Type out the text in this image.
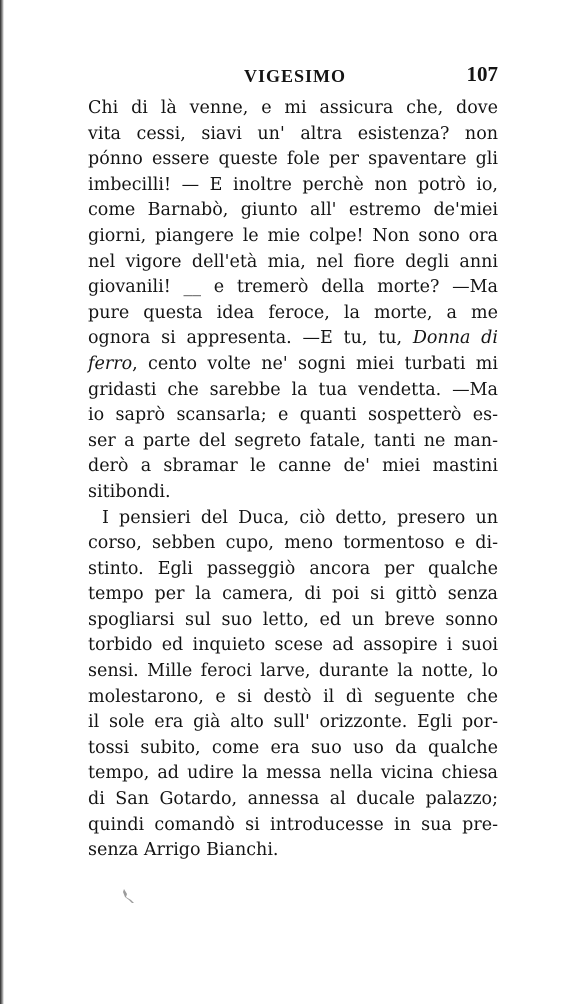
VIGESIMO	107
Chi di là venne, e mi assicura che, dove
vita cessi, siavi un' altra esistenza? non
pónno essere queste fole per spaventare gli
imbecilli! — E inoltre perchè non potrò io,
come Barnabò, giunto all' estremo de'miei
giorni, piangere le mie colpe! Non sono ora
nel vigore dell'età mia, nel fiore degli anni
giovanili! __ e tremerò della morte? —Ma
pure questa idea feroce, la morte, a me
ognora si appresenta. —E tu, tu, Donna di
ferro, cento volte ne' sogni miei turbati mi
gridasti che sarebbe la tua vendetta. —Ma
io saprò scansarla; e quanti sospetterò es-
ser a parte del segreto fatale, tanti ne man-
derò a sbramar le canne de' miei mastini
sitibondi.
I pensieri del Duca, ciò detto, presero un
corso, sebben cupo, meno tormentoso e di-
stinto. Egli passeggiò ancora per qualche
tempo per la camera, di poi si gittò senza
spogliarsi sul suo letto, ed un breve sonno
torbido ed inquieto scese ad assopire i suoi
sensi. Mille feroci larve, durante la notte, lo
molestarono, e si destò il dì seguente che
il sole era già alto sull' orizzonte. Egli por-
tossi subito, come era suo uso da qualche
tempo, ad udire la messa nella vicina chiesa
di San Gotardo, annessa al ducale palazzo;
quindi comandò si introducesse in sua pre-
senza Arrigo Bianchi.
